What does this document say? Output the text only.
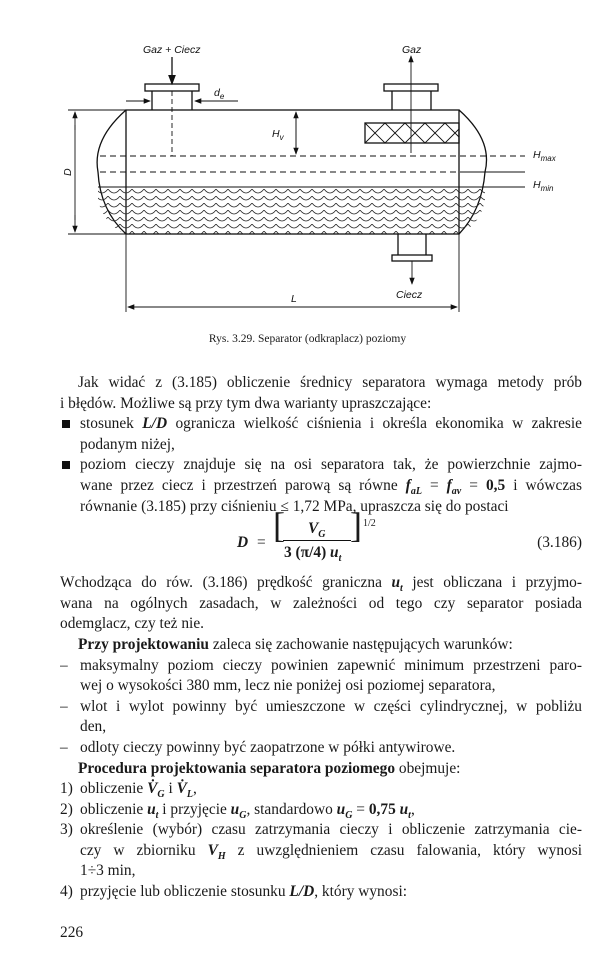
Gaz + Ciecz	Gaz
$d_e$
$H_v$
D
$H_{max}$
$H_{min}$
Ciecz
L
Rys. 3.29. Separator (odkraplacz) poziomy
Jak widać z (3.185) obliczenie średnicy separatora wymaga metody prób
i błędów. Możliwe są przy tym dwa warianty upraszczające:
stosunek L/D ogranicza wielkość ciśnienia i określa ekonomika w zakresie
podanym niżej,
poziom cieczy znajduje się na osi separatora tak, że powierzchnie zajmo-
wane przez ciecz i przestrzeń parową są równe $f_{aL} = f_{av} = 0,5$ i wówczas
równanie (3.185) przy ciśnieniu ≤ 1,72 MPa, upraszcza się do postaci
D = [ $V_G$
3 (π/4) $u_t$
] 1/2
(3.186)
Wchodząca do rów. (3.186) prędkość graniczna $u_t$ jest obliczana i przyjmo-
wana na ogólnych zasadach, w zależności od tego czy separator posiada
odemglacz, czy też nie.
Przy projektowaniu zaleca się zachowanie następujących warunków:
– maksymalny poziom cieczy powinien zapewnić minimum przestrzeni paro-
wej o wysokości 380 mm, lecz nie poniżej osi poziomej separatora,
– wlot i wylot powinny być umieszczone w części cylindrycznej, w pobliżu
den,
– odloty cieczy powinny być zaopatrzone w półki antywirowe.
Procedura projektowania separatora poziomego obejmuje:
1) obliczenie $V̇_G$ i $V̇_L$,
2) obliczenie $u_t$ i przyjęcie $u_G$, standardowo $u_G = 0,75$ $u_t$,
3) określenie (wybór) czasu zatrzymania cieczy i obliczenie zatrzymania cie-
czy w zbiorniku $V_H$ z uwzględnieniem czasu falowania, który wynosi
1÷3 min,
4) przyjęcie lub obliczenie stosunku L/D, który wynosi:
226
